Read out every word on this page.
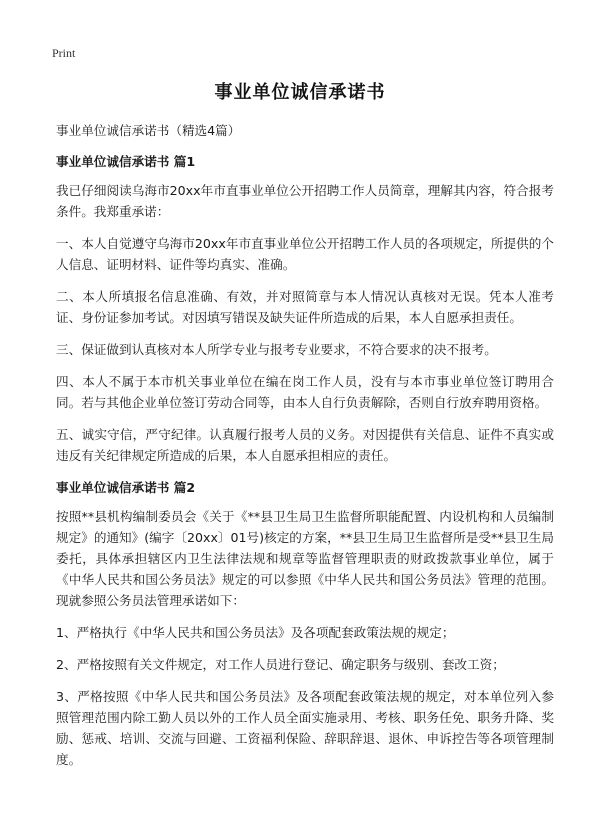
Print
事业单位诚信承诺书

事业单位诚信承诺书（精选4篇）

事业单位诚信承诺书 篇1

我已仔细阅读乌海市20xx年市直事业单位公开招聘工作人员简章，理解其内容，符合报考条件。我郑重承诺：

一、本人自觉遵守乌海市20xx年市直事业单位公开招聘工作人员的各项规定，所提供的个人信息、证明材料、证件等均真实、准确。

二、本人所填报名信息准确、有效，并对照简章与本人情况认真核对无误。凭本人准考证、身份证参加考试。对因填写错误及缺失证件所造成的后果，本人自愿承担责任。

三、保证做到认真核对本人所学专业与报考专业要求，不符合要求的决不报考。

四、本人不属于本市机关事业单位在编在岗工作人员，没有与本市事业单位签订聘用合同。若与其他企业单位签订劳动合同等，由本人自行负责解除，否则自行放弃聘用资格。

五、诚实守信，严守纪律。认真履行报考人员的义务。对因提供有关信息、证件不真实或违反有关纪律规定所造成的后果，本人自愿承担相应的责任。

事业单位诚信承诺书 篇2

按照**县机构编制委员会《关于《**县卫生局卫生监督所职能配置、内设机构和人员编制规定》的通知》(编字〔20xx〕01号)核定的方案，**县卫生局卫生监督所是受**县卫生局委托，具体承担辖区内卫生法律法规和规章等监督管理职责的财政拨款事业单位，属于《中华人民共和国公务员法》规定的可以参照《中华人民共和国公务员法》管理的范围。现就参照公务员法管理承诺如下：

1、严格执行《中华人民共和国公务员法》及各项配套政策法规的规定；

2、严格按照有关文件规定，对工作人员进行登记、确定职务与级别、套改工资；

3、严格按照《中华人民共和国公务员法》及各项配套政策法规的规定，对本单位列入参照管理范围内除工勤人员以外的工作人员全面实施录用、考核、职务任免、职务升降、奖励、惩戒、培训、交流与回避、工资福利保险、辞职辞退、退休、申诉控告等各项管理制度。
